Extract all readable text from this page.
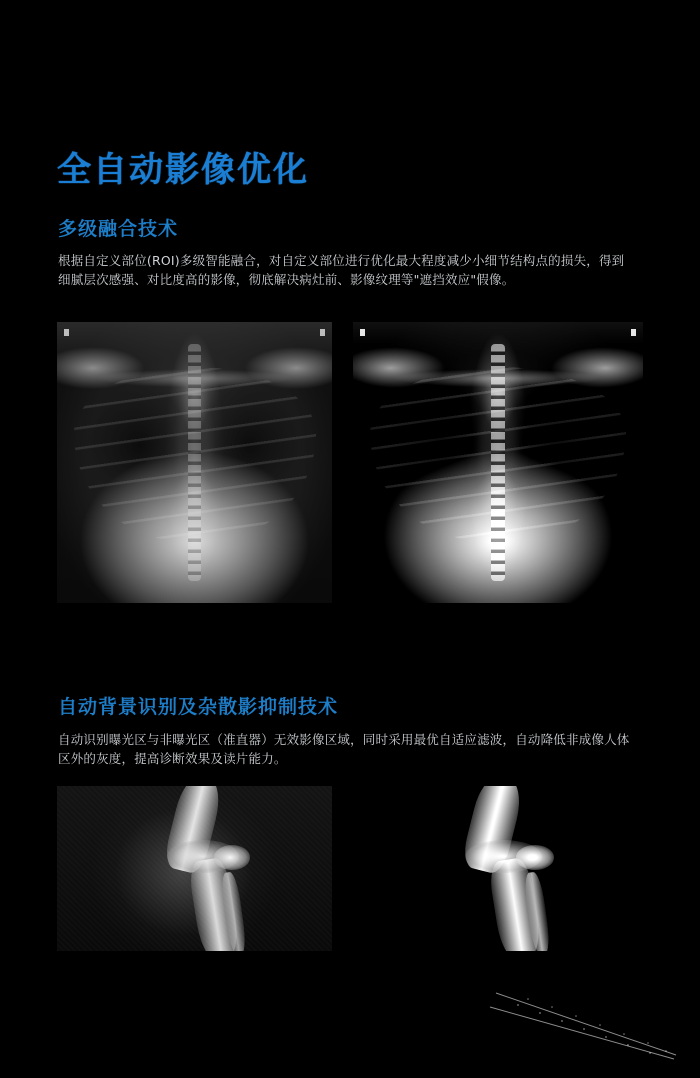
全自动影像优化
多级融合技术

根据自定义部位(ROI)多级智能融合，对自定义部位进行优化最大程度减少小细节结构点的损失，得到细腻层次感强、对比度高的影像，彻底解决病灶前、影像纹理等"遮挡效应"假像。

自动背景识别及杂散影抑制技术

自动识别曝光区与非曝光区（准直器）无效影像区域，同时采用最优自适应滤波，自动降低非成像人体区外的灰度，提高诊断效果及读片能力。
